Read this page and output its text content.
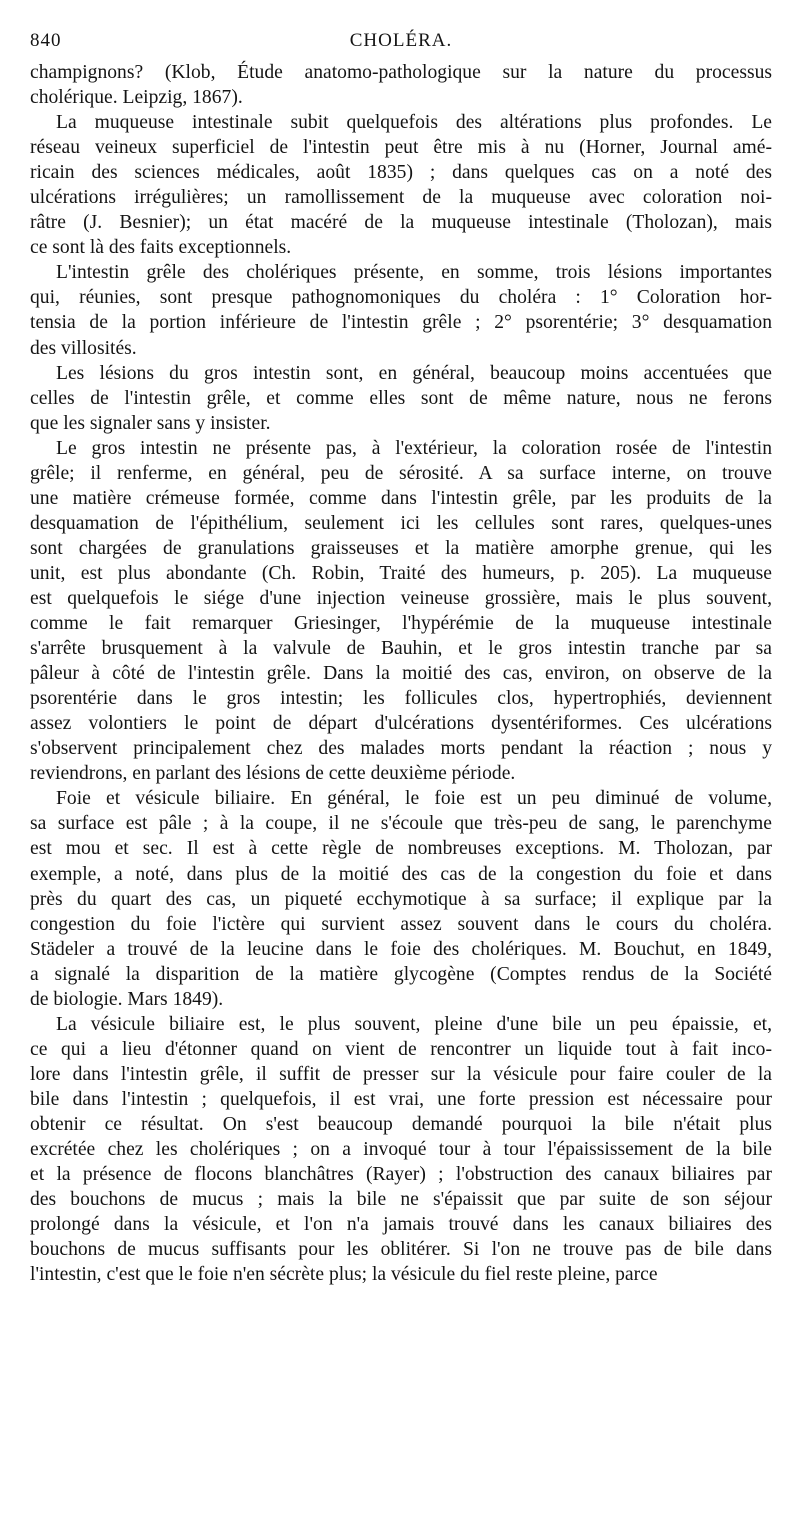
840	CHOLÉRA.

champignons? (Klob, Étude anatomo-pathologique sur la nature du processus
cholérique. Leipzig, 1867).

La muqueuse intestinale subit quelquefois des altérations plus profondes. Le
réseau veineux superficiel de l'intestin peut être mis à nu (Horner, Journal amé-
ricain des sciences médicales, août 1835) ; dans quelques cas on a noté des
ulcérations irrégulières; un ramollissement de la muqueuse avec coloration noi-
râtre (J. Besnier); un état macéré de la muqueuse intestinale (Tholozan), mais
ce sont là des faits exceptionnels.

L'intestin grêle des cholériques présente, en somme, trois lésions importantes
qui, réunies, sont presque pathognomoniques du choléra : 1° Coloration hor-
tensia de la portion inférieure de l'intestin grêle ; 2° psorentérie; 3° desquamation
des villosités.

Les lésions du gros intestin sont, en général, beaucoup moins accentuées que
celles de l'intestin grêle, et comme elles sont de même nature, nous ne ferons
que les signaler sans y insister.

Le gros intestin ne présente pas, à l'extérieur, la coloration rosée de l'intestin
grêle; il renferme, en général, peu de sérosité. A sa surface interne, on trouve
une matière crémeuse formée, comme dans l'intestin grêle, par les produits de la
desquamation de l'épithélium, seulement ici les cellules sont rares, quelques-unes
sont chargées de granulations graisseuses et la matière amorphe grenue, qui les
unit, est plus abondante (Ch. Robin, Traité des humeurs, p. 205). La muqueuse
est quelquefois le siége d'une injection veineuse grossière, mais le plus souvent,
comme le fait remarquer Griesinger, l'hypérémie de la muqueuse intestinale
s'arrête brusquement à la valvule de Bauhin, et le gros intestin tranche par sa
pâleur à côté de l'intestin grêle. Dans la moitié des cas, environ, on observe de la
psorentérie dans le gros intestin; les follicules clos, hypertrophiés, deviennent
assez volontiers le point de départ d'ulcérations dysentériformes. Ces ulcérations
s'observent principalement chez des malades morts pendant la réaction ; nous y
reviendrons, en parlant des lésions de cette deuxième période.

Foie et vésicule biliaire. En général, le foie est un peu diminué de volume,
sa surface est pâle ; à la coupe, il ne s'écoule que très-peu de sang, le parenchyme
est mou et sec. Il est à cette règle de nombreuses exceptions. M. Tholozan, par
exemple, a noté, dans plus de la moitié des cas de la congestion du foie et dans
près du quart des cas, un piqueté ecchymotique à sa surface; il explique par la
congestion du foie l'ictère qui survient assez souvent dans le cours du choléra.
Städeler a trouvé de la leucine dans le foie des cholériques. M. Bouchut, en 1849,
a signalé la disparition de la matière glycogène (Comptes rendus de la Société
de biologie. Mars 1849).

La vésicule biliaire est, le plus souvent, pleine d'une bile un peu épaissie, et,
ce qui a lieu d'étonner quand on vient de rencontrer un liquide tout à fait inco-
lore dans l'intestin grêle, il suffit de presser sur la vésicule pour faire couler de la
bile dans l'intestin ; quelquefois, il est vrai, une forte pression est nécessaire pour
obtenir ce résultat. On s'est beaucoup demandé pourquoi la bile n'était plus
excrétée chez les cholériques ; on a invoqué tour à tour l'épaississement de la bile
et la présence de flocons blanchâtres (Rayer) ; l'obstruction des canaux biliaires par
des bouchons de mucus ; mais la bile ne s'épaissit que par suite de son séjour
prolongé dans la vésicule, et l'on n'a jamais trouvé dans les canaux biliaires des
bouchons de mucus suffisants pour les oblitérer. Si l'on ne trouve pas de bile dans
l'intestin, c'est que le foie n'en sécrète plus; la vésicule du fiel reste pleine, parce
